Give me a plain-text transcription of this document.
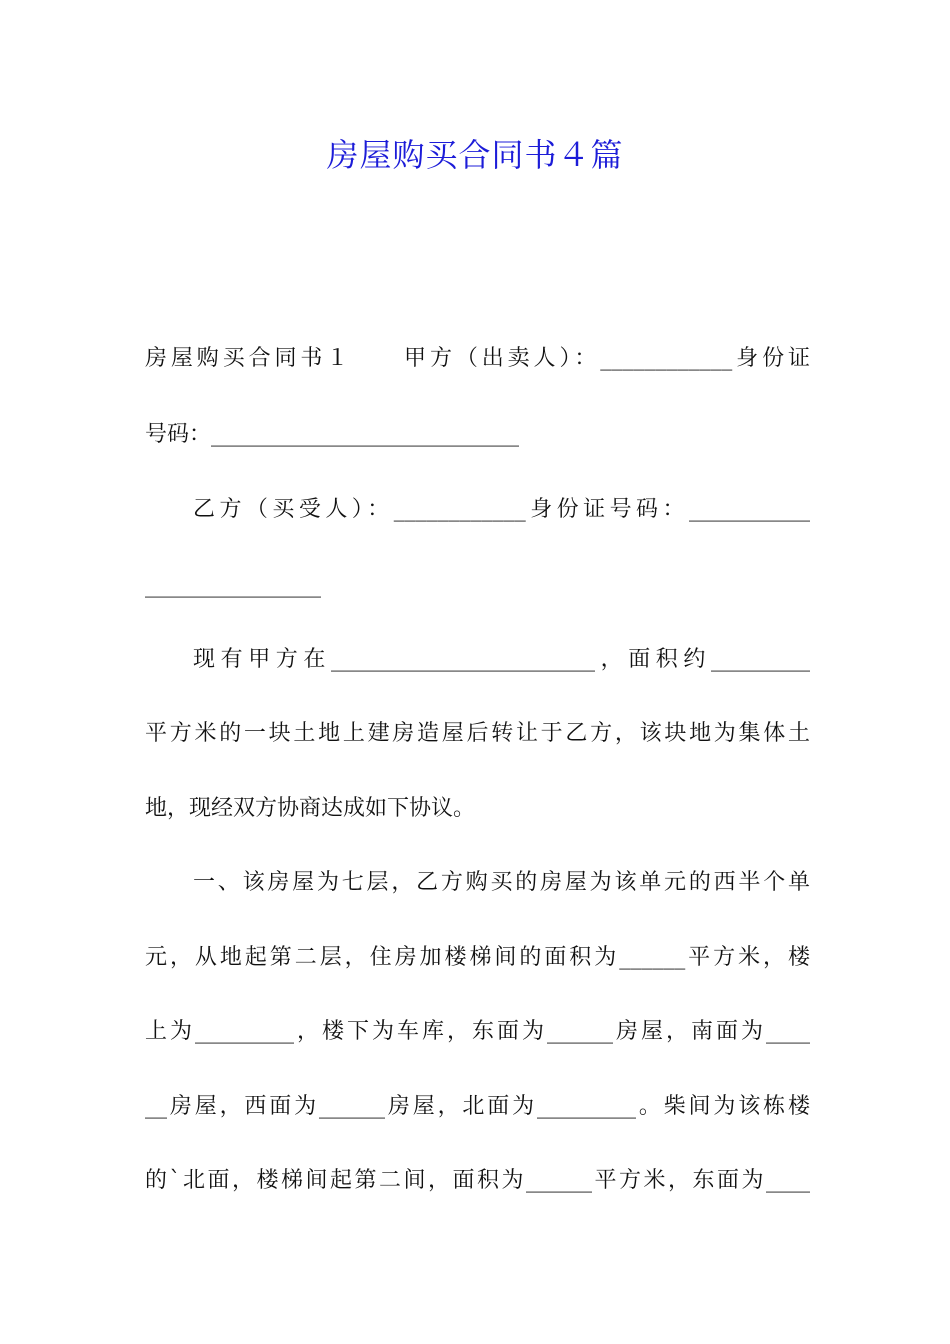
房屋购买合同书４篇
房屋购买合同书１　　甲方（出卖人）：____________身份证
号码：____________________________
乙方（买受人）：____________身份证号码：___________
________________
现有甲方在________________________，面积约_________
平方米的一块土地上建房造屋后转让于乙方，该块地为集体土
地，现经双方协商达成如下协议。
一、该房屋为七层，乙方购买的房屋为该单元的西半个单
元，从地起第二层，住房加楼梯间的面积为______平方米，楼
上为_________，楼下为车库，东面为______房屋，南面为____
__房屋，西面为______房屋，北面为_________。柴间为该栋楼
的`北面，楼梯间起第二间，面积为______平方米，东面为____
